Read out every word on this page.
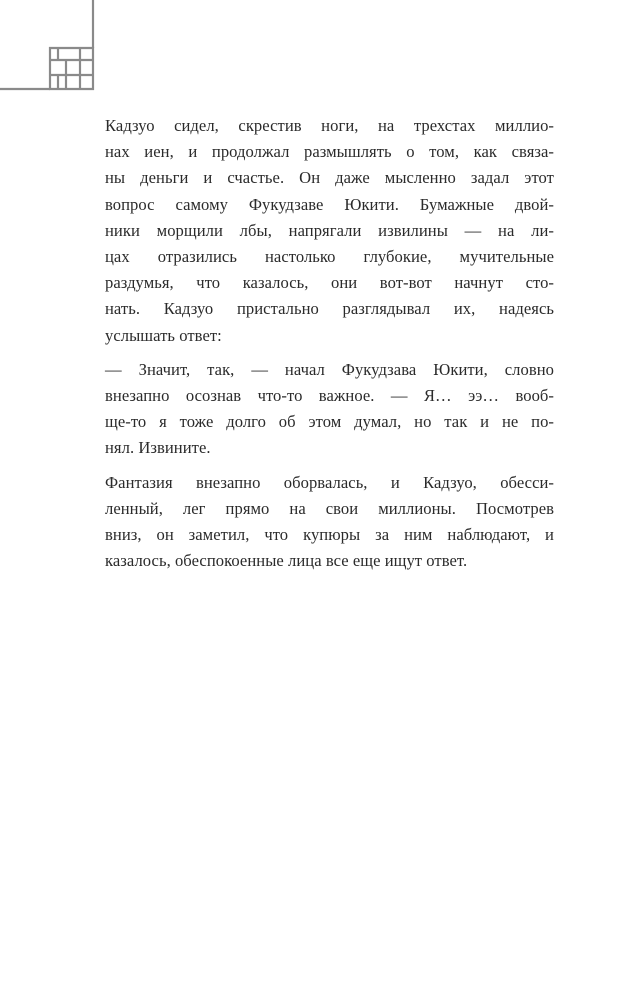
Кадзуо сидел, скрестив ноги, на трехстах миллио-
нах иен, и продолжал размышлять о том, как связа-
ны деньги и счастье. Он даже мысленно задал этот
вопрос самому Фукудзаве Юкити. Бумажные двой-
ники морщили лбы, напрягали извилины — на ли-
цах отразились настолько глубокие, мучительные
раздумья, что казалось, они вот-вот начнут сто-
нать. Кадзуо пристально разглядывал их, надеясь
услышать ответ:
— Значит, так, — начал Фукудзава Юкити, словно
внезапно осознав что-то важное. — Я… ээ… вооб-
ще-то я тоже долго об этом думал, но так и не по-
нял. Извините.
Фантазия внезапно оборвалась, и Кадзуо, обесси-
ленный, лег прямо на свои миллионы. Посмотрев
вниз, он заметил, что купюры за ним наблюдают, и
казалось, обеспокоенные лица все еще ищут ответ.
